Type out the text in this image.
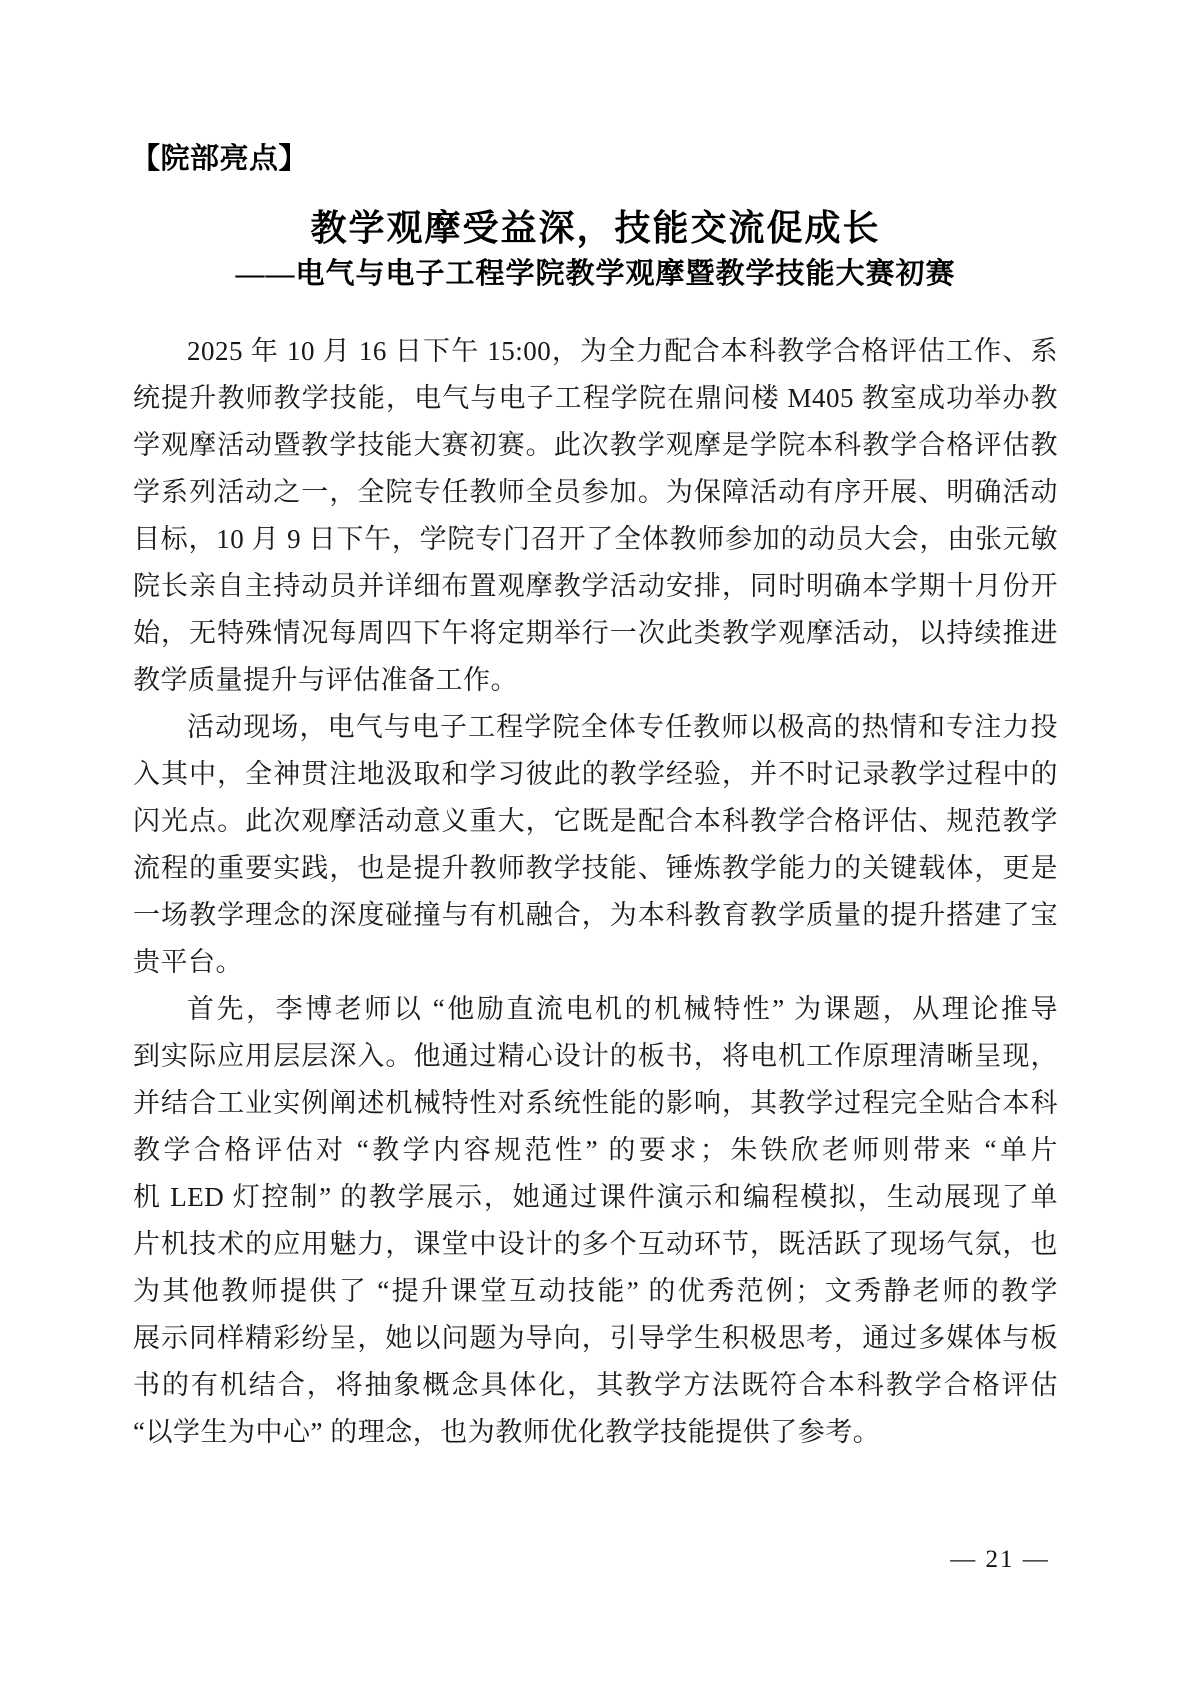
【院部亮点】
教学观摩受益深，技能交流促成长
——电气与电子工程学院教学观摩暨教学技能大赛初赛
2025 年 10 月 16 日下午 15:00，为全力配合本科教学合格评估工作、系
统提升教师教学技能，电气与电子工程学院在鼎问楼 M405 教室成功举办教
学观摩活动暨教学技能大赛初赛。此次教学观摩是学院本科教学合格评估教
学系列活动之一，全院专任教师全员参加。为保障活动有序开展、明确活动
目标，10 月 9 日下午，学院专门召开了全体教师参加的动员大会，由张元敏
院长亲自主持动员并详细布置观摩教学活动安排，同时明确本学期十月份开
始，无特殊情况每周四下午将定期举行一次此类教学观摩活动，以持续推进
教学质量提升与评估准备工作。
活动现场，电气与电子工程学院全体专任教师以极高的热情和专注力投
入其中，全神贯注地汲取和学习彼此的教学经验，并不时记录教学过程中的
闪光点。此次观摩活动意义重大，它既是配合本科教学合格评估、规范教学
流程的重要实践，也是提升教师教学技能、锤炼教学能力的关键载体，更是
一场教学理念的深度碰撞与有机融合，为本科教育教学质量的提升搭建了宝
贵平台。
首先，李博老师以 “他励直流电机的机械特性” 为课题，从理论推导
到实际应用层层深入。他通过精心设计的板书，将电机工作原理清晰呈现，
并结合工业实例阐述机械特性对系统性能的影响，其教学过程完全贴合本科
教学合格评估对 “教学内容规范性” 的要求；朱铁欣老师则带来 “单片
机 LED 灯控制” 的教学展示，她通过课件演示和编程模拟，生动展现了单
片机技术的应用魅力，课堂中设计的多个互动环节，既活跃了现场气氛，也
为其他教师提供了 “提升课堂互动技能” 的优秀范例；文秀静老师的教学
展示同样精彩纷呈，她以问题为导向，引导学生积极思考，通过多媒体与板
书的有机结合，将抽象概念具体化，其教学方法既符合本科教学合格评估
“以学生为中心” 的理念，也为教师优化教学技能提供了参考。
— 21 —
